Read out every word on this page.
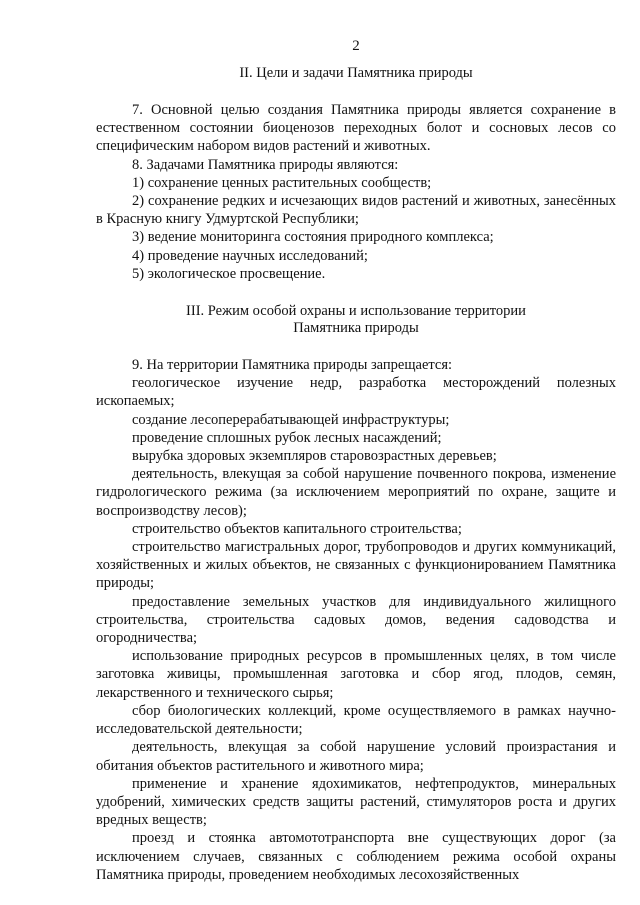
2

II. Цели и задачи Памятника природы

7. Основной целью создания Памятника природы является сохранение в естественном состоянии биоценозов переходных болот и сосновых лесов со специфическим набором видов растений и животных.

8. Задачами Памятника природы являются:

1) сохранение ценных растительных сообществ;

2) сохранение редких и исчезающих видов растений и животных, занесённых в Красную книгу Удмуртской Республики;

3) ведение мониторинга состояния природного комплекса;

4) проведение научных исследований;

5) экологическое просвещение.

III. Режим особой охраны и использование территории
Памятника природы

9. На территории Памятника природы запрещается:

геологическое изучение недр, разработка месторождений полезных ископаемых;

создание лесоперерабатывающей инфраструктуры;

проведение сплошных рубок лесных насаждений;

вырубка здоровых экземпляров старовозрастных деревьев;

деятельность, влекущая за собой нарушение почвенного покрова, изменение гидрологического режима (за исключением мероприятий по охране, защите и воспроизводству лесов);

строительство объектов капитального строительства;

строительство магистральных дорог, трубопроводов и других коммуникаций, хозяйственных и жилых объектов, не связанных с функционированием Памятника природы;

предоставление земельных участков для индивидуального жилищного строительства, строительства садовых домов, ведения садоводства и огородничества;

использование природных ресурсов в промышленных целях, в том числе заготовка живицы, промышленная заготовка и сбор ягод, плодов, семян, лекарственного и технического сырья;

сбор биологических коллекций, кроме осуществляемого в рамках научно-исследовательской деятельности;

деятельность, влекущая за собой нарушение условий произрастания и обитания объектов растительного и животного мира;

применение и хранение ядохимикатов, нефтепродуктов, минеральных удобрений, химических средств защиты растений, стимуляторов роста и других вредных веществ;

проезд и стоянка автомототранспорта вне существующих дорог (за исключением случаев, связанных с соблюдением режима особой охраны Памятника природы, проведением необходимых лесохозяйственных
